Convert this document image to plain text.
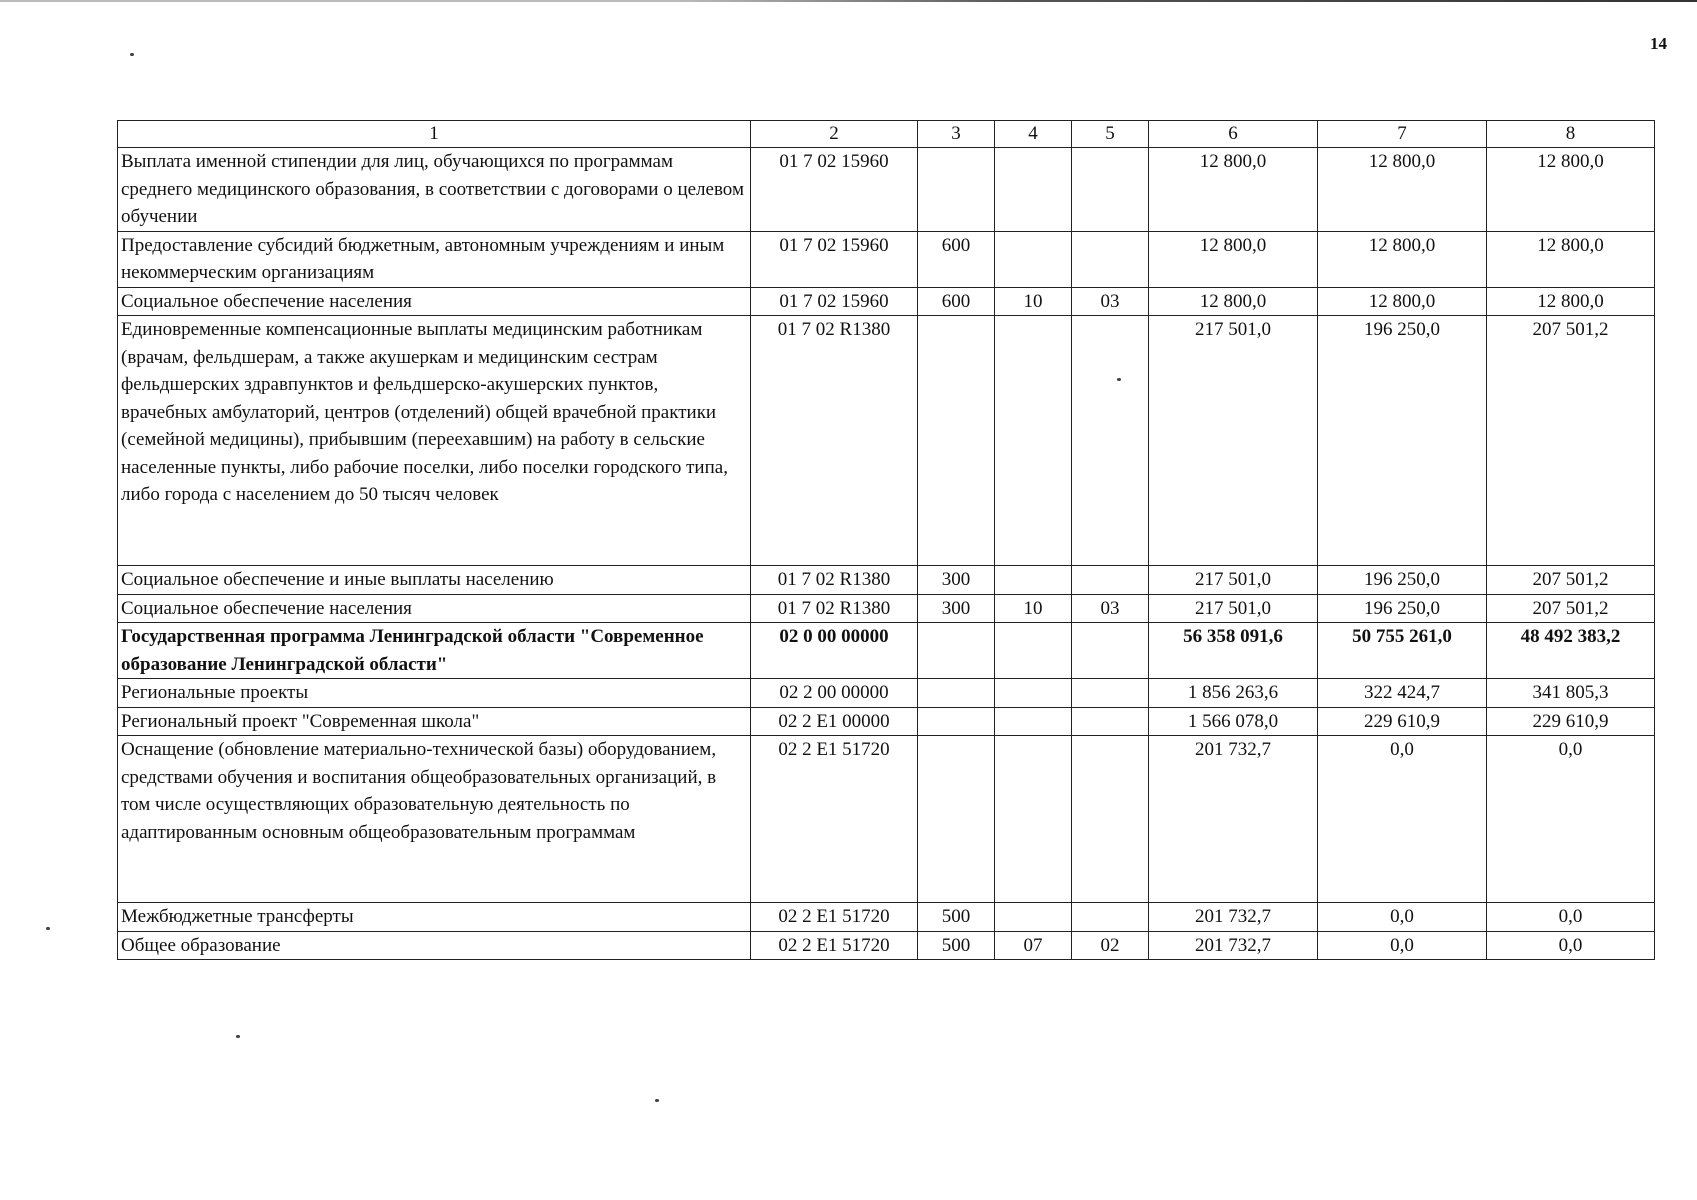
14
1	2	3	4	5	6	7	8
Выплата именной стипендии для лиц, обучающихся по программам среднего медицинского образования, в соответствии с договорами о целевом обучении	01 7 02 15960				12 800,0	12 800,0	12 800,0
Предоставление субсидий бюджетным, автономным учреждениям и иным некоммерческим организациям	01 7 02 15960	600			12 800,0	12 800,0	12 800,0
Социальное обеспечение населения	01 7 02 15960	600	10	03	12 800,0	12 800,0	12 800,0
Единовременные компенсационные выплаты медицинским работникам (врачам, фельдшерам, а также акушеркам и медицинским сестрам фельдшерских здравпунктов и фельдшерско-акушерских пунктов, врачебных амбулаторий, центров (отделений) общей врачебной практики (семейной медицины), прибывшим (переехавшим) на работу в сельские населенные пункты, либо рабочие поселки, либо поселки городского типа, либо города с населением до 50 тысяч человек	01 7 02 R1380				217 501,0	196 250,0	207 501,2
Социальное обеспечение и иные выплаты населению	01 7 02 R1380	300			217 501,0	196 250,0	207 501,2
Социальное обеспечение населения	01 7 02 R1380	300	10	03	217 501,0	196 250,0	207 501,2
Государственная программа Ленинградской области "Современное образование Ленинградской области"	02 0 00 00000				56 358 091,6	50 755 261,0	48 492 383,2
Региональные проекты	02 2 00 00000				1 856 263,6	322 424,7	341 805,3
Региональный проект "Современная школа"	02 2 E1 00000				1 566 078,0	229 610,9	229 610,9
Оснащение (обновление материально-технической базы) оборудованием, средствами обучения и воспитания общеобразовательных организаций, в том числе осуществляющих образовательную деятельность по адаптированным основным общеобразовательным программам	02 2 E1 51720				201 732,7	0,0	0,0
Межбюджетные трансферты	02 2 E1 51720	500			201 732,7	0,0	0,0
Общее образование	02 2 E1 51720	500	07	02	201 732,7	0,0	0,0
